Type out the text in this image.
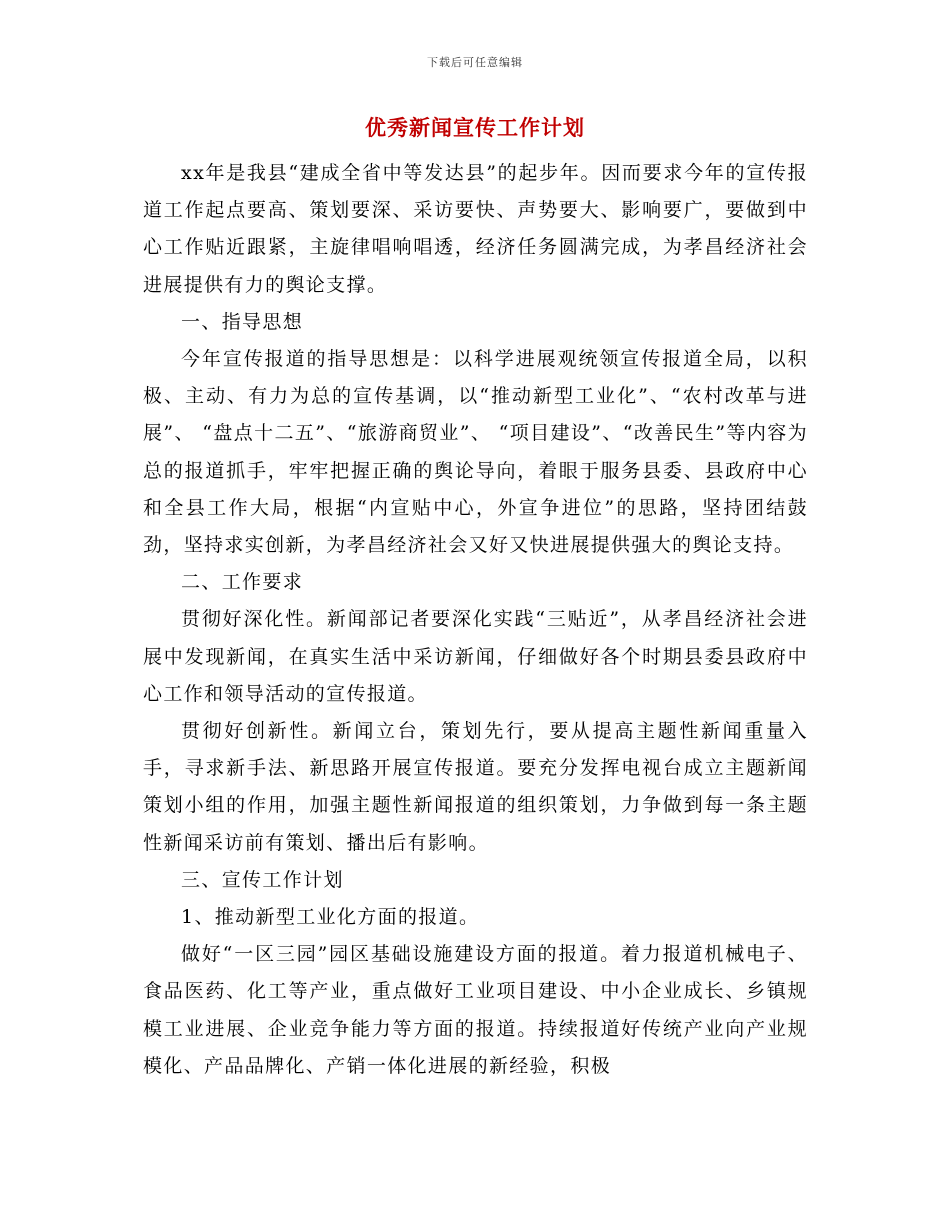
下载后可任意编辑
优秀新闻宣传工作计划

xx年是我县“建成全省中等发达县”的起步年。因而要求今年的宣传报道工作起点要高、策划要深、采访要快、声势要大、影响要广，要做到中心工作贴近跟紧，主旋律唱响唱透，经济任务圆满完成，为孝昌经济社会进展提供有力的舆论支撑。

一、指导思想

今年宣传报道的指导思想是：以科学进展观统领宣传报道全局，以积极、主动、有力为总的宣传基调，以“推动新型工业化”、“农村改革与进展”、 “盘点十二五”、“旅游商贸业”、 “项目建设”、“改善民生”等内容为总的报道抓手，牢牢把握正确的舆论导向，着眼于服务县委、县政府中心和全县工作大局，根据“内宣贴中心，外宣争进位”的思路，坚持团结鼓劲，坚持求实创新，为孝昌经济社会又好又快进展提供强大的舆论支持。

二、工作要求

贯彻好深化性。新闻部记者要深化实践“三贴近”，从孝昌经济社会进展中发现新闻，在真实生活中采访新闻，仔细做好各个时期县委县政府中心工作和领导活动的宣传报道。

贯彻好创新性。新闻立台，策划先行，要从提高主题性新闻重量入手，寻求新手法、新思路开展宣传报道。要充分发挥电视台成立主题新闻策划小组的作用，加强主题性新闻报道的组织策划，力争做到每一条主题性新闻采访前有策划、播出后有影响。

三、宣传工作计划

1、推动新型工业化方面的报道。

做好“一区三园”园区基础设施建设方面的报道。着力报道机械电子、食品医药、化工等产业，重点做好工业项目建设、中小企业成长、乡镇规模工业进展、企业竞争能力等方面的报道。持续报道好传统产业向产业规模化、产品品牌化、产销一体化进展的新经验，积极
